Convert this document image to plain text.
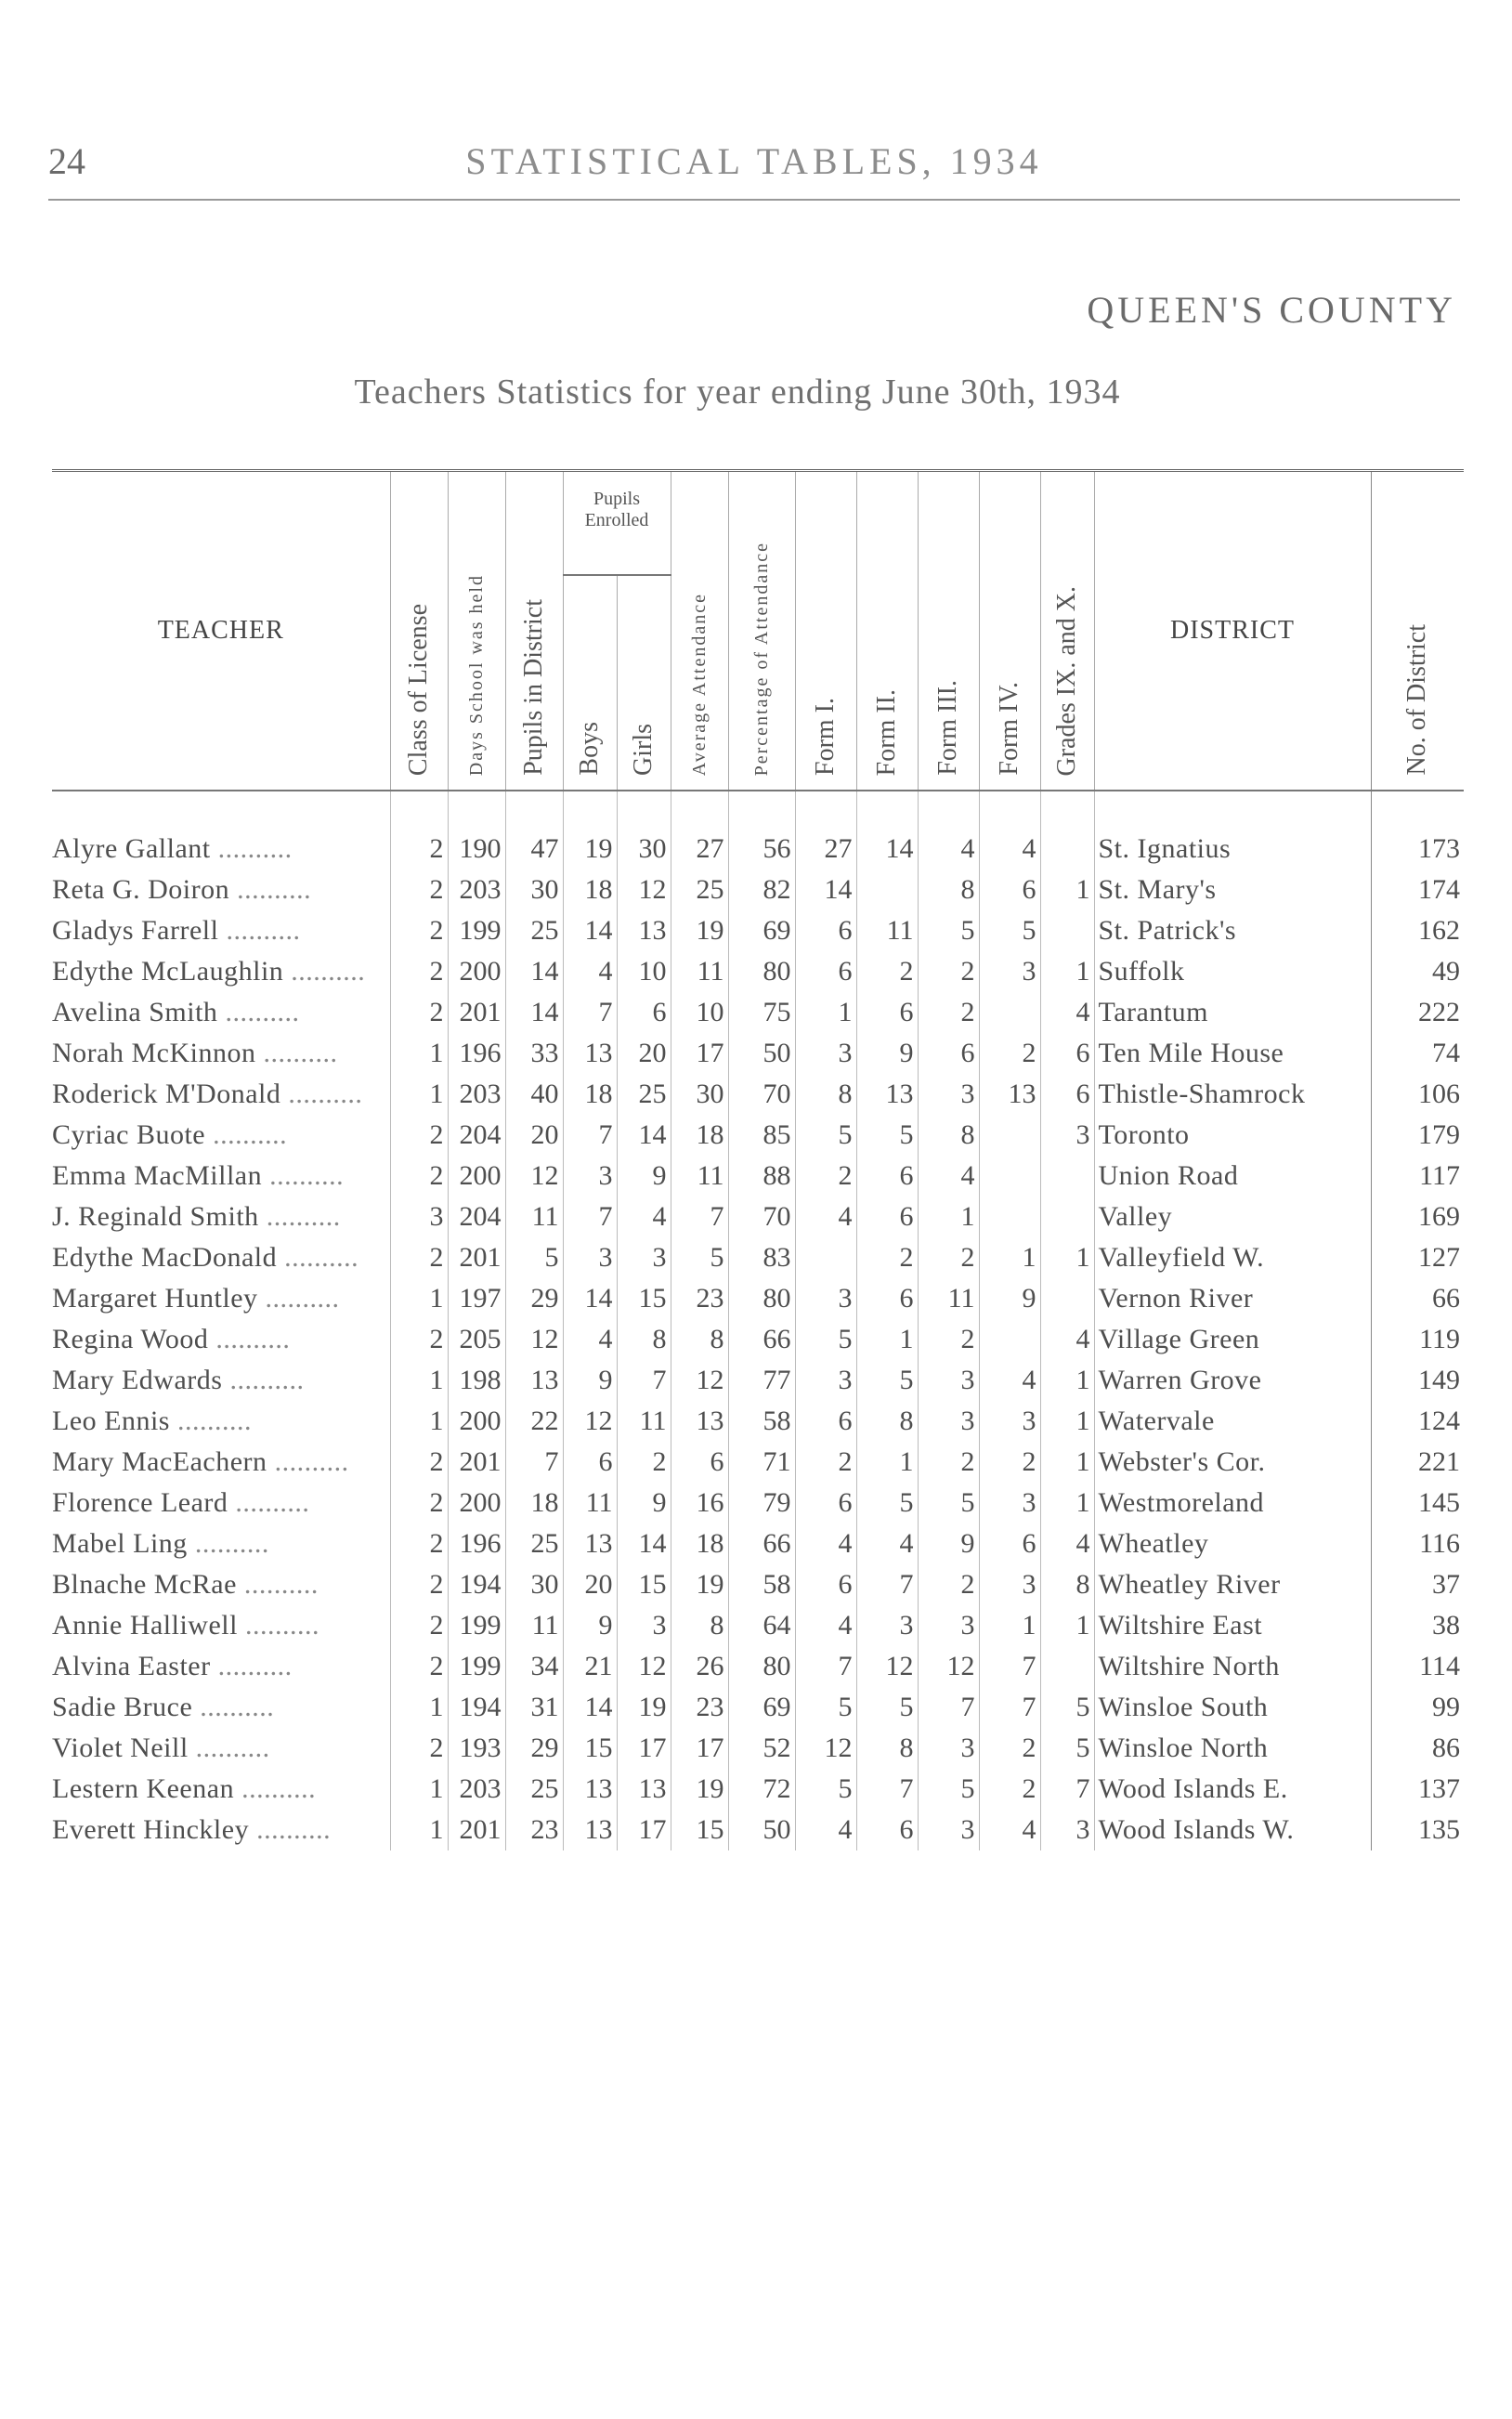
24	STATISTICAL TABLES, 1934
QUEEN'S COUNTY
Teachers Statistics for year ending June 30th, 1934
TEACHER	Class of License	Days School was held	Pupils in District	Pupils
Enrolled		Average Attendance	Percentage of Attendance	Form I.	Form II.	Form III.	Form IV.	Grades IX. and X.	DISTRICT	No. of District
				Boys	Girls									

Alyre Gallant ..........	2	190	47	19	30	27	56	27	14	4	4		St. Ignatius	173
Reta G. Doiron ..........	2	203	30	18	12	25	82	14		8	6	1	St. Mary's	174
Gladys Farrell ..........	2	199	25	14	13	19	69	6	11	5	5		St. Patrick's	162
Edythe McLaughlin ..........	2	200	14	4	10	11	80	6	2	2	3	1	Suffolk	49
Avelina Smith ..........	2	201	14	7	6	10	75	1	6	2		4	Tarantum	222
Norah McKinnon ..........	1	196	33	13	20	17	50	3	9	6	2	6	Ten Mile House	74
Roderick M'Donald ..........	1	203	40	18	25	30	70	8	13	3	13	6	Thistle-Shamrock	106
Cyriac Buote ..........	2	204	20	7	14	18	85	5	5	8		3	Toronto	179
Emma MacMillan ..........	2	200	12	3	9	11	88	2	6	4			Union Road	117
J. Reginald Smith ..........	3	204	11	7	4	7	70	4	6	1			Valley	169
Edythe MacDonald ..........	2	201	5	3	3	5	83		2	2	1	1	Valleyfield W.	127
Margaret Huntley ..........	1	197	29	14	15	23	80	3	6	11	9		Vernon River	66
Regina Wood ..........	2	205	12	4	8	8	66	5	1	2		4	Village Green	119
Mary Edwards ..........	1	198	13	9	7	12	77	3	5	3	4	1	Warren Grove	149
Leo Ennis ..........	1	200	22	12	11	13	58	6	8	3	3	1	Watervale	124
Mary MacEachern ..........	2	201	7	6	2	6	71	2	1	2	2	1	Webster's Cor.	221
Florence Leard ..........	2	200	18	11	9	16	79	6	5	5	3	1	Westmoreland	145
Mabel Ling ..........	2	196	25	13	14	18	66	4	4	9	6	4	Wheatley	116
Blnache McRae ..........	2	194	30	20	15	19	58	6	7	2	3	8	Wheatley River	37
Annie Halliwell ..........	2	199	11	9	3	8	64	4	3	3	1	1	Wiltshire East	38
Alvina Easter ..........	2	199	34	21	12	26	80	7	12	12	7		Wiltshire North	114
Sadie Bruce ..........	1	194	31	14	19	23	69	5	5	7	7	5	Winsloe South	99
Violet Neill ..........	2	193	29	15	17	17	52	12	8	3	2	5	Winsloe North	86
Lestern Keenan ..........	1	203	25	13	13	19	72	5	7	5	2	7	Wood Islands E.	137
Everett Hinckley ..........	1	201	23	13	17	15	50	4	6	3	4	3	Wood Islands W.	135
